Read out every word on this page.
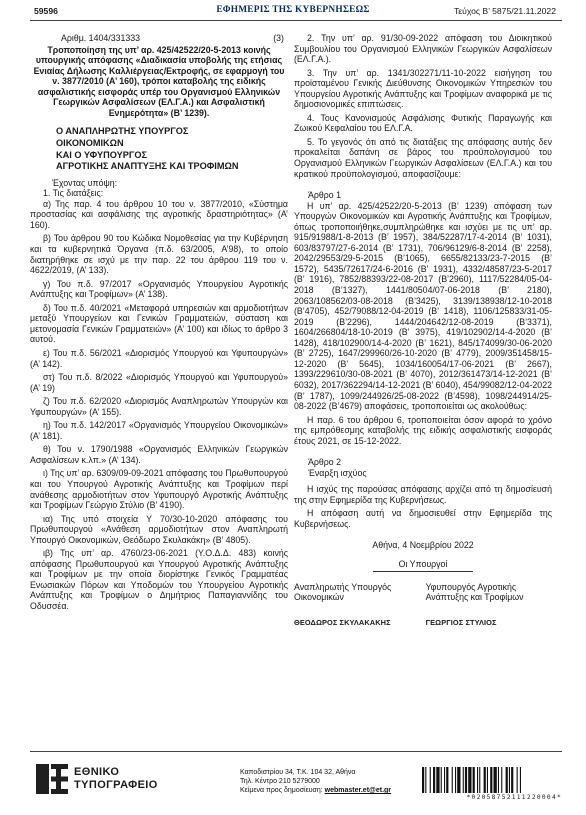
59596	ΕΦΗΜΕΡΙΣ ΤΗΣ ΚΥΒΕΡΝΗΣΕΩΣ	Τεύχος Β’ 5875/21.11.2022
Αριθμ. 1404/331333	(3)

Τροποποίηση της υπ’ αρ. 425/42522/20-5-2013 κοινής υπουργικής απόφασης «Διαδικασία υποβολής της ετήσιας Ενιαίας Δήλωσης Καλλιέργειας/Εκτροφής, σε εφαρμογή του ν. 3877/2010 (Α’ 160), τρόποι καταβολής της ειδικής ασφαλιστικής εισφοράς υπέρ του Οργανισμού Ελληνικών Γεωργικών Ασφαλίσεων (ΕΛ.Γ.Α.) και Ασφαλιστική Ενημερότητα» (Β’ 1239).

Ο ΑΝΑΠΛΗΡΩΤΗΣ ΥΠΟΥΡΓΟΣ

ΟΙΚΟΝΟΜΙΚΩΝ

ΚΑΙ Ο ΥΦΥΠΟΥΡΓΟΣ

ΑΓΡΟΤΙΚΗΣ ΑΝΑΠΤΥΞΗΣ ΚΑΙ ΤΡΟΦΙΜΩΝ

Έχοντας υπόψη:

1. Τις διατάξεις:

α) Της παρ. 4 του άρθρου 10 του ν. 3877/2010, «Σύστημα προστασίας και ασφάλισης της αγροτικής δραστηριότητας» (Α’ 160).

β) Του άρθρου 90 του Κώδικα Νομοθεσίας για την Κυβέρνηση και τα κυβερνητικά Όργανα (π.δ. 63/2005, Α’98), το οποίο διατηρήθηκε σε ισχύ με την παρ. 22 του άρθρου 119 του ν. 4622/2019, (Α’ 133).

γ) Του π.δ. 97/2017 «Οργανισμός Υπουργείου Αγροτικής Ανάπτυξης και Τροφίμων» (Α’ 138).

δ) Του π.δ. 40/2021 «Μεταφορά υπηρεσιών και αρμοδιοτήτων μεταξύ Υπουργείων και Γενικών Γραμματειών, σύσταση και μετονομασία Γενικών Γραμματειών» (Α’ 100) και ιδίως το άρθρο 3 αυτού.

ε) Του π.δ. 56/2021 «Διορισμός Υπουργού και Υφυπουργών» (Α’ 142).

στ) Του π.δ. 8/2022 «Διορισμός Υπουργού και Υφυπουργού» (Α’ 19)

ζ) Του π.δ. 62/2020 «Διορισμός Αναπληρωτών Υπουργών και Υφυπουργών» (Α’ 155).

η) Του π.δ. 142/2017 «Οργανισμός Υπουργείου Οικονομικών» (Α’ 181).

θ) Του ν. 1790/1988 «Οργανισμός Ελληνικών Γεωργικών Ασφαλίσεων κ.λπ.» (Α’ 134).

ι) Της υπ’ αρ. 6309/09-09-2021 απόφασης του Πρωθυπουργού και του Υπουργού Αγροτικής Ανάπτυξης και Τροφίμων περί ανάθεσης αρμοδιοτήτων στον Υφυπουργό Αγροτικής Ανάπτυξης και Τροφίμων Γεώργιο Στύλιο (Β’ 4190).

ια) Της υπό στοιχεία Υ 70/30-10-2020 απόφασης του Πρωθυπουργού «Ανάθεση αρμοδιοτήτων στον Αναπληρωτή Υπουργό Οικονομικών, Θεόδωρο Σκυλακάκη» (Β’ 4805).

ιβ) Της υπ’ αρ. 4760/23-06-2021 (Υ.Ο.Δ.Δ. 483) κοινής απόφασης Πρωθυπουργού και Υπουργού Αγροτικής Ανάπτυξης και Τροφίμων με την οποία διορίστηκε Γενικός Γραμματέας Ενωσιακών Πόρων και Υποδομών του Υπουργείου Αγροτικής Ανάπτυξης και Τροφίμων ο Δημήτριος Παπαγιαννίδης του Οδυσσέα.

2. Την υπ’ αρ. 91/30-09-2022 απόφαση του Διοικητικού Συμβουλίου του Οργανισμού Ελληνικών Γεωργικών Ασφαλίσεων (ΕΛ.Γ.Α.).

3. Την υπ’ αρ. 1341/302271/11-10-2022 εισήγηση του προϊσταμένου Γενικής Διεύθυνσης Οικονομικών Υπηρεσιών του Υπουργείου Αγροτικής Ανάπτυξης και Τροφίμων αναφορικά με τις δημοσιονομικές επιπτώσεις.

4. Τους Κανονισμούς Ασφάλισης Φυτικής Παραγωγής και Ζωικού Κεφαλαίου του ΕΛ.Γ.Α.

5. Το γεγονός ότι από τις διατάξεις της απόφασης αυτής δεν προκαλείται δαπάνη σε βάρος του προϋπολογισμού του Οργανισμού Ελληνικών Γεωργικών Ασφαλίσεων (ΕΛ.Γ.Α.) και του κρατικού προϋπολογισμού, αποφασίζουμε:

Άρθρο 1

Η υπ’ αρ. 425/42522/20-5-2013 (Β’ 1239) απόφαση των Υπουργών Οικονομικών και Αγροτικής Ανάπτυξης και Τροφίμων, όπως τροποποιήθηκε,συμπληρώθηκε και ισχύει με τις υπ’ αρ. 915/91988/1-8-2013 (Β’ 1957), 384/52287/17-4-2014 (Β’ 1031), 603/83797/27-6-2014 (Β’ 1731), 706/96129/6-8-2014 (Β’ 2258), 2042/29553/29-5-2015 (Β’1065), 6655/82133/23-7-2015 (Β’ 1572), 5435/72617/24-6-2016 (Β’ 1931), 4332/48587/23-5-2017 (Β’ 1916), 7852/88393/22-08-2017 (Β’2960), 1117/52284/05-04-2018 (Β’1327), 1441/80504/07-06-2018 (Β’ 2180), 2063/108562/03-08-2018 (Β’3425), 3139/138938/12-10-2018 (Β’4705), 452/79088/12-04-2019 (Β’ 1418), 1106/125833/31-05-2019 (Β’2296), 1444/204642/12-08-2019 (Β’3371), 1604/266804/18-10-2019 (Β’ 3975), 419/102902/14-4-2020 (Β’ 1428), 418/102900/14-4-2020 (Β’ 1621), 845/174099/30-06-2020 (Β’ 2725), 1647/299960/26-10-2020 (Β’ 4779), 2009/351458/15-12-2020 (Β’ 5645), 1034/160054/17-06-2021 (Β’ 2667), 1393/229610/30-08-2021 (Β’ 4070), 2012/361473/14-12-2021 (Β’ 6032), 2017/362294/14-12-2021 (Β’ 6040), 454/99082/12-04-2022 (Β’ 1787), 1099/244926/25-08-2022 (Β’4598), 1098/244914/25-08-2022 (Β’4679) αποφάσεις, τροποποιείται ως ακολούθως:

Η παρ. 6 του άρθρου 6, τροποποιείται όσον αφορά το χρόνο της εμπρόθεσμης καταβολής της ειδικής ασφαλιστικής εισφοράς έτους 2021, σε 15-12-2022.

Άρθρο 2

Έναρξη ισχύος

Η ισχύς της παρούσας απόφασης αρχίζει από τη δημοσίευσή της στην Εφημερίδα της Κυβερνήσεως.

Η απόφαση αυτή να δημοσιευθεί στην Εφημερίδα της Κυβερνήσεως.

Αθήνα, 4 Νοεμβρίου 2022

Οι Υπουργοί

Αναπληρωτής Υπουργός Οικονομικών

ΘΕΟΔΩΡΟΣ ΣΚΥΛΑΚΑΚΗΣ

Υφυπουργός Αγροτικής Ανάπτυξης και Τροφίμων

ΓΕΩΡΓΙΟΣ ΣΤΥΛΙΟΣ

ΕΘΝΙΚΟ
ΤΥΠΟΓΡΑΦΕΙΟ
Καποδιστρίου 34, Τ.Κ. 104 32, Αθήνα
Τηλ. Κέντρο 210 5279000
Κείμενα προς δημοσίευση: webmaster.et@et.gr
*02058752111220004*
